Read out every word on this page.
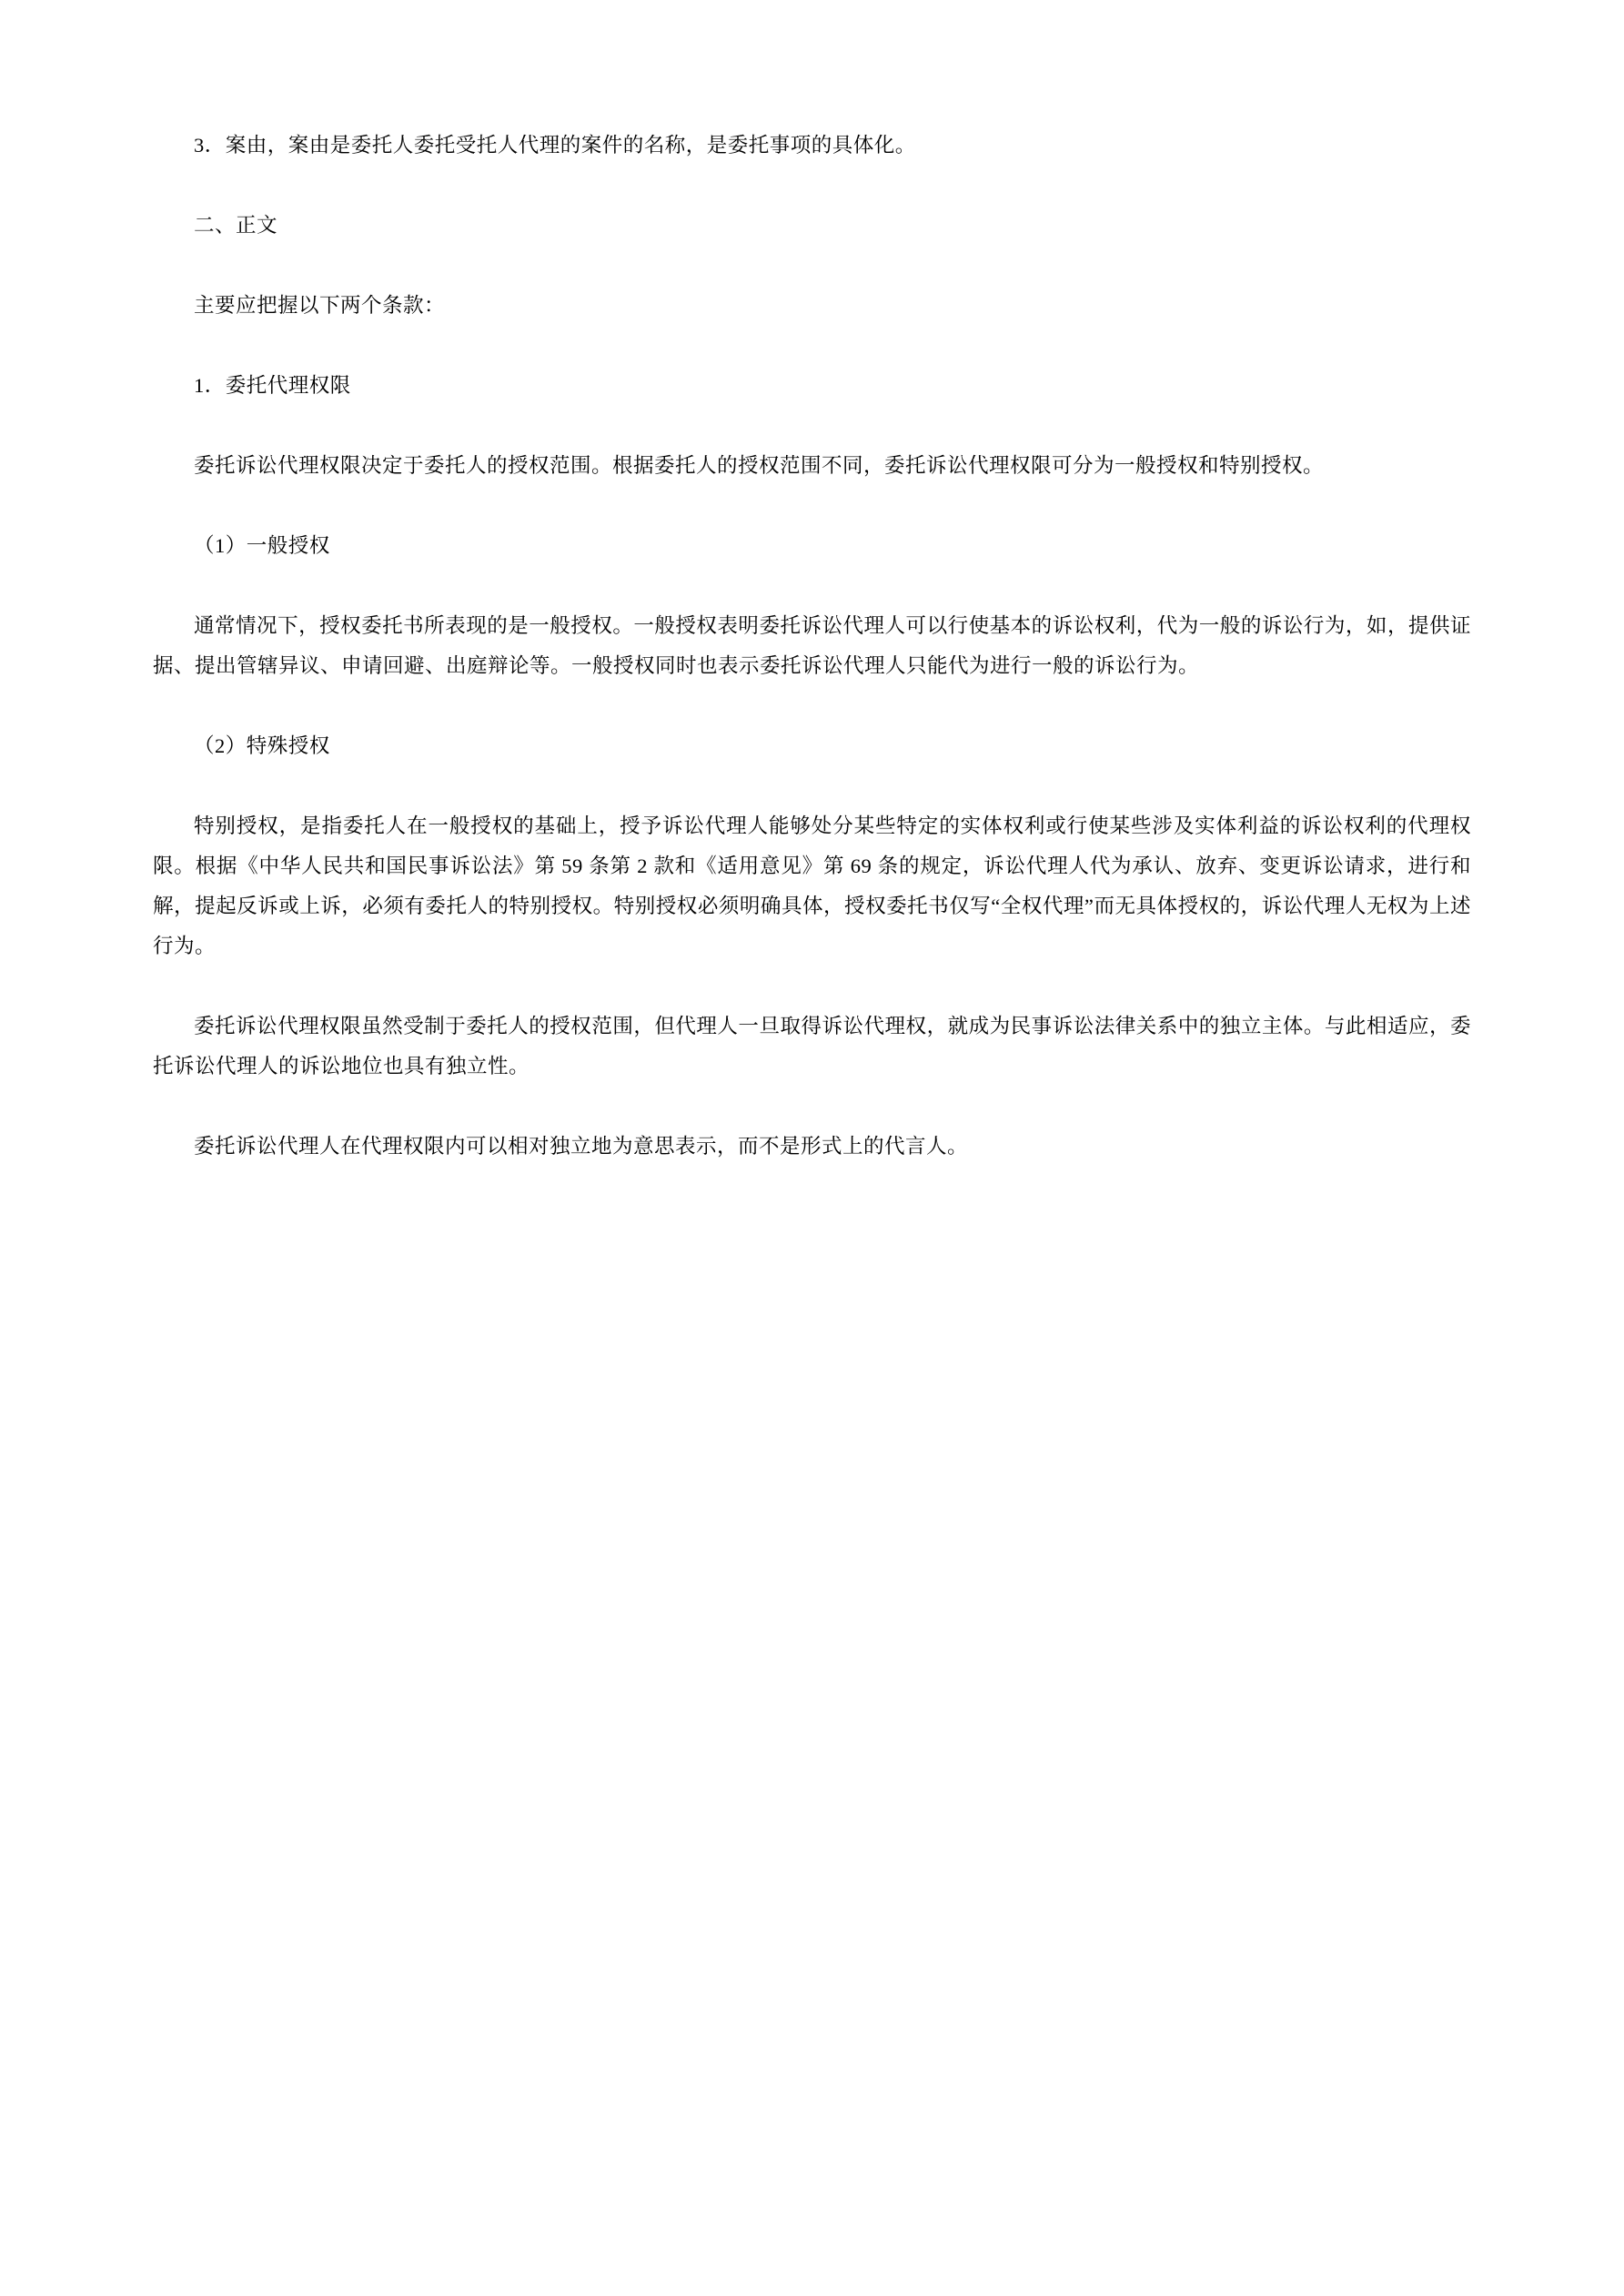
3．案由，案由是委托人委托受托人代理的案件的名称，是委托事项的具体化。

二、正文

主要应把握以下两个条款：

1．委托代理权限

委托诉讼代理权限决定于委托人的授权范围。根据委托人的授权范围不同，委托诉讼代理权限可分为一般授权和特别授权。

（1）一般授权

通常情况下，授权委托书所表现的是一般授权。一般授权表明委托诉讼代理人可以行使基本的诉讼权利，代为一般的诉讼行为，如，提供证据、提出管辖异议、申请回避、出庭辩论等。一般授权同时也表示委托诉讼代理人只能代为进行一般的诉讼行为。

（2）特殊授权

特别授权，是指委托人在一般授权的基础上，授予诉讼代理人能够处分某些特定的实体权利或行使某些涉及实体利益的诉讼权利的代理权限。根据《中华人民共和国民事诉讼法》第 59 条第 2 款和《适用意见》第 69 条的规定，诉讼代理人代为承认、放弃、变更诉讼请求，进行和解，提起反诉或上诉，必须有委托人的特别授权。特别授权必须明确具体，授权委托书仅写“全权代理”而无具体授权的，诉讼代理人无权为上述行为。

委托诉讼代理权限虽然受制于委托人的授权范围，但代理人一旦取得诉讼代理权，就成为民事诉讼法律关系中的独立主体。与此相适应，委托诉讼代理人的诉讼地位也具有独立性。

委托诉讼代理人在代理权限内可以相对独立地为意思表示，而不是形式上的代言人。
